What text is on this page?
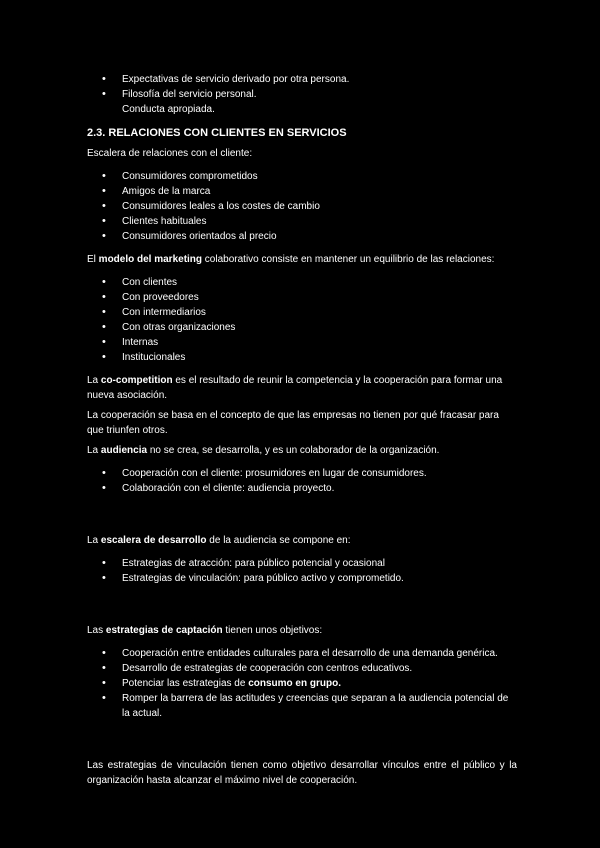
• Expectativas de servicio derivado por otra persona.
• Filosofía del servicio personal.
Conducta apropiada.

2.3. RELACIONES CON CLIENTES EN SERVICIOS

Escalera de relaciones con el cliente:

• Consumidores comprometidos
• Amigos de la marca
• Consumidores leales a los costes de cambio
• Clientes habituales
• Consumidores orientados al precio

El modelo del marketing colaborativo consiste en mantener un equilibrio de las relaciones:

• Con clientes
• Con proveedores
• Con intermediarios
• Con otras organizaciones
• Internas
• Institucionales

La co-competition es el resultado de reunir la competencia y la cooperación para formar una nueva asociación.

La cooperación se basa en el concepto de que las empresas no tienen por qué fracasar para que triunfen otros.

La audiencia no se crea, se desarrolla, y es un colaborador de la organización.

• Cooperación con el cliente: prosumidores en lugar de consumidores.
• Colaboración con el cliente: audiencia proyecto.

La escalera de desarrollo de la audiencia se compone en:

• Estrategias de atracción: para público potencial y ocasional
• Estrategias de vinculación: para público activo y comprometido.

Las estrategias de captación tienen unos objetivos:

• Cooperación entre entidades culturales para el desarrollo de una demanda genérica.
• Desarrollo de estrategias de cooperación con centros educativos.
• Potenciar las estrategias de consumo en grupo.
• Romper la barrera de las actitudes y creencias que separan a la audiencia potencial de la actual.

Las estrategias de vinculación tienen como objetivo desarrollar vínculos entre el público y la organización hasta alcanzar el máximo nivel de cooperación.
